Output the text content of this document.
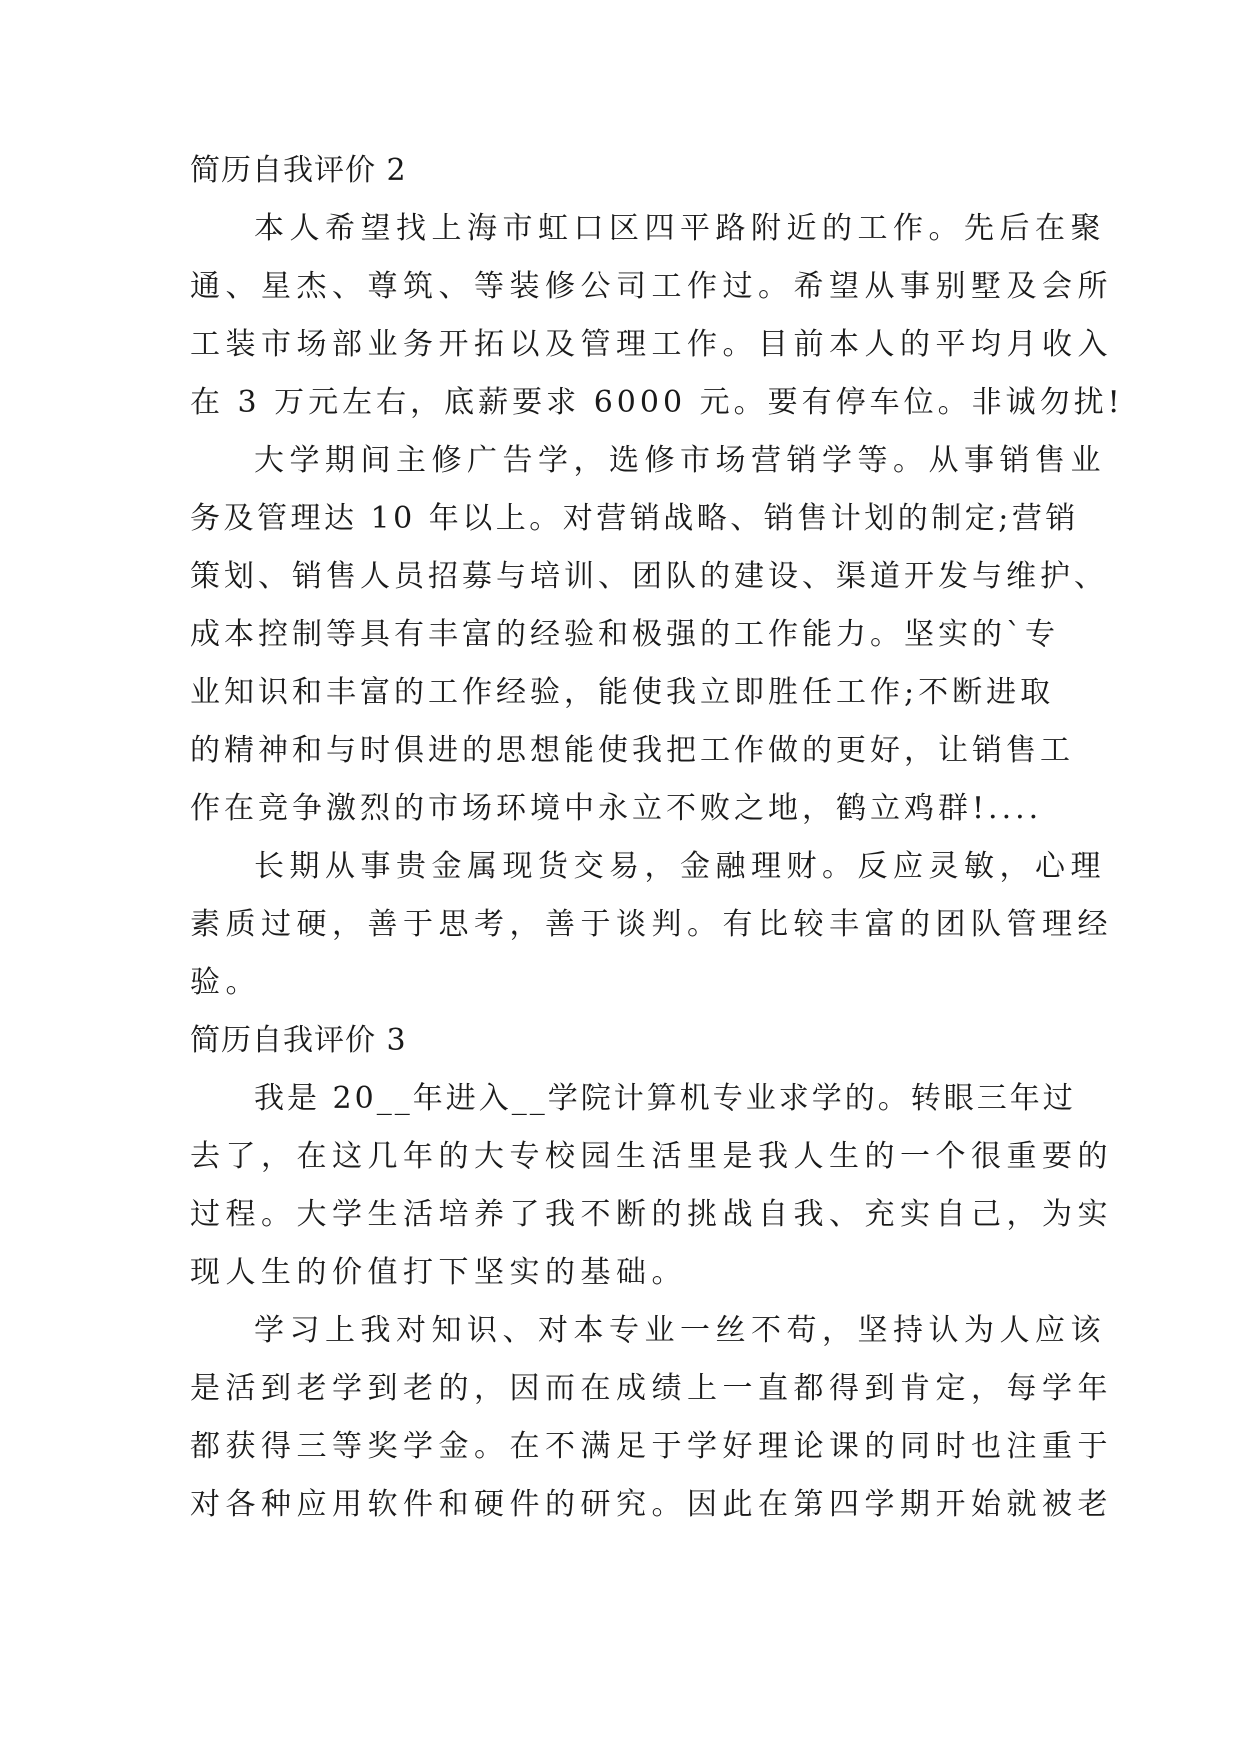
简历自我评价 2
本人希望找上海市虹口区四平路附近的工作。先后在聚
通、星杰、尊筑、等装修公司工作过。希望从事别墅及会所
工装市场部业务开拓以及管理工作。目前本人的平均月收入
在 3 万元左右，底薪要求 6000 元。要有停车位。非诚勿扰!
大学期间主修广告学，选修市场营销学等。从事销售业
务及管理达 10 年以上。对营销战略、销售计划的制定;营销
策划、销售人员招募与培训、团队的建设、渠道开发与维护、
成本控制等具有丰富的经验和极强的工作能力。坚实的`专
业知识和丰富的工作经验，能使我立即胜任工作;不断进取
的精神和与时俱进的思想能使我把工作做的更好，让销售工
作在竞争激烈的市场环境中永立不败之地，鹤立鸡群!....
长期从事贵金属现货交易，金融理财。反应灵敏，心理
素质过硬，善于思考，善于谈判。有比较丰富的团队管理经
验。
简历自我评价 3
我是 20__年进入__学院计算机专业求学的。转眼三年过
去了，在这几年的大专校园生活里是我人生的一个很重要的
过程。大学生活培养了我不断的挑战自我、充实自己，为实
现人生的价值打下坚实的基础。
学习上我对知识、对本专业一丝不苟，坚持认为人应该
是活到老学到老的，因而在成绩上一直都得到肯定，每学年
都获得三等奖学金。在不满足于学好理论课的同时也注重于
对各种应用软件和硬件的研究。因此在第四学期开始就被老
